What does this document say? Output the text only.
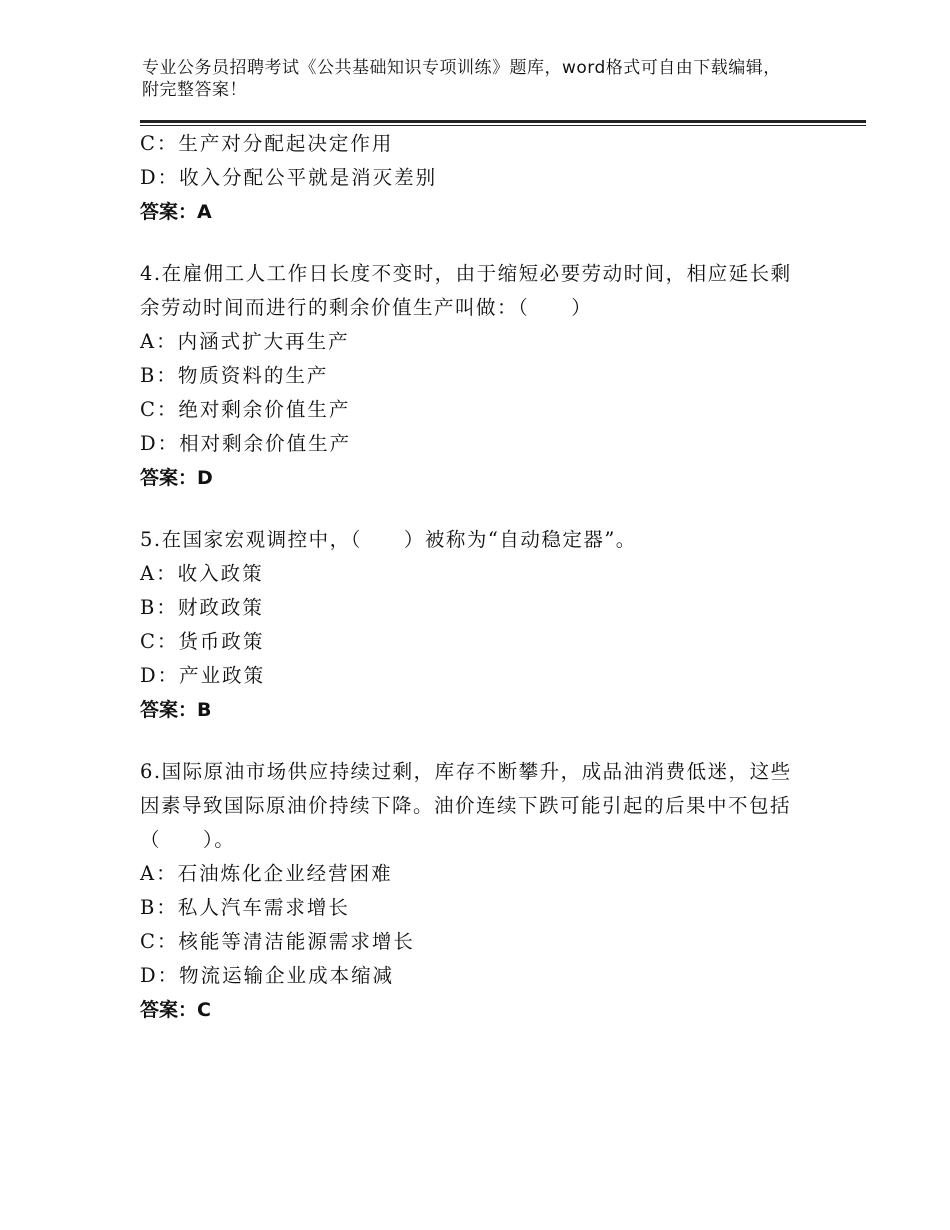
专业公务员招聘考试《公共基础知识专项训练》题库，word格式可自由下载编辑，附完整答案！
C：生产对分配起决定作用
D：收入分配公平就是消灭差别
答案：A
4.在雇佣工人工作日长度不变时，由于缩短必要劳动时间，相应延长剩余劳动时间而进行的剩余价值生产叫做：（　　）
A：内涵式扩大再生产
B：物质资料的生产
C：绝对剩余价值生产
D：相对剩余价值生产
答案：D
5.在国家宏观调控中，（　　）被称为“自动稳定器”。
A：收入政策
B：财政政策
C：货币政策
D：产业政策
答案：B
6.国际原油市场供应持续过剩，库存不断攀升，成品油消费低迷，这些因素导致国际原油价持续下降。油价连续下跌可能引起的后果中不包括（　　）。
A：石油炼化企业经营困难
B：私人汽车需求增长
C：核能等清洁能源需求增长
D：物流运输企业成本缩减
答案：C
